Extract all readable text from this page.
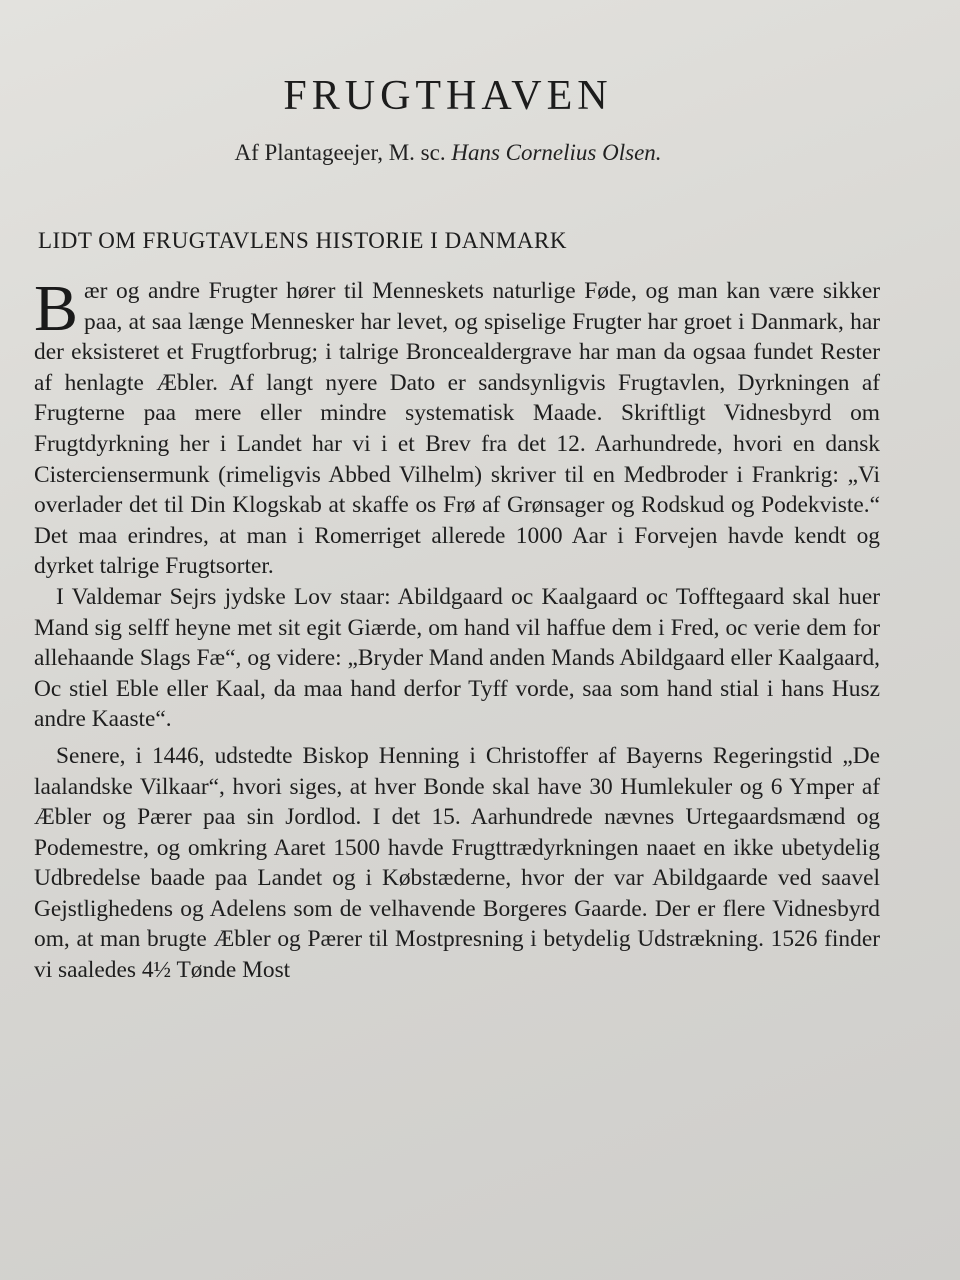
FRUGTHAVEN
Af Plantageejer, M. sc. Hans Cornelius Olsen.
LIDT OM FRUGTAVLENS HISTORIE I DANMARK

Bær og andre Frugter hører til Menneskets naturlige Føde, og man kan være sikker paa, at saa længe Mennesker har levet, og spiselige Frugter har groet i Danmark, har der eksisteret et Frugtforbrug; i talrige Broncealdergrave har man da ogsaa fundet Rester af henlagte Æbler. Af langt nyere Dato er sandsynligvis Frugtavlen, Dyrkningen af Frugterne paa mere eller mindre systematisk Maade. Skriftligt Vidnesbyrd om Frugtdyrkning her i Landet har vi i et Brev fra det 12. Aarhundrede, hvori en dansk Cisterciensermunk (rimeligvis Abbed Vilhelm) skriver til en Medbroder i Frankrig: „Vi overlader det til Din Klogskab at skaffe os Frø af Grønsager og Rodskud og Podekviste.“ Det maa erindres, at man i Romerriget allerede 1000 Aar i Forvejen havde kendt og dyrket talrige Frugtsorter.

I Valdemar Sejrs jydske Lov staar: Abildgaard oc Kaalgaard oc Tofftegaard skal huer Mand sig selff heyne met sit egit Giærde, om hand vil haffue dem i Fred, oc verie dem for allehaande Slags Fæ“, og videre: „Bryder Mand anden Mands Abildgaard eller Kaalgaard, Oc stiel Eble eller Kaal, da maa hand derfor Tyff vorde, saa som hand stial i hans Husz andre Kaaste“.

Senere, i 1446, udstedte Biskop Henning i Christoffer af Bayerns Regeringstid „De laalandske Vilkaar“, hvori siges, at hver Bonde skal have 30 Humlekuler og 6 Ymper af Æbler og Pærer paa sin Jordlod. I det 15. Aarhundrede nævnes Urtegaardsmænd og Podemestre, og omkring Aaret 1500 havde Frugttrædyrkningen naaet en ikke ubetydelig Udbredelse baade paa Landet og i Købstæderne, hvor der var Abildgaarde ved saavel Gejstlighedens og Adelens som de velhavende Borgeres Gaarde. Der er flere Vidnesbyrd om, at man brugte Æbler og Pærer til Mostpresning i betydelig Udstrækning. 1526 finder vi saaledes 4½ Tønde Most
